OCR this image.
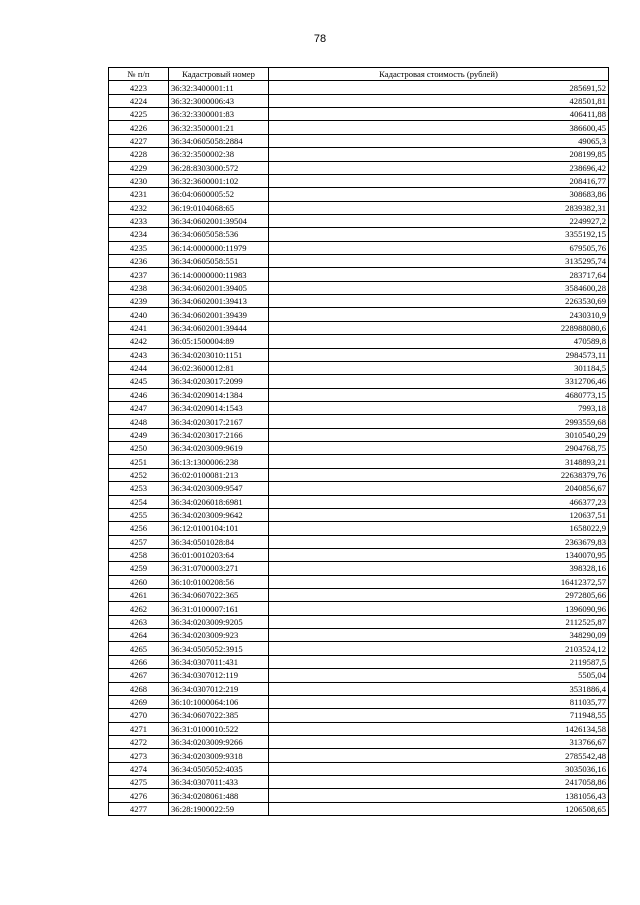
78
№ п/п	Кадастровый номер	Кадастровая стоимость (рублей)
4223	36:32:3400001:11	285691,52
4224	36:32:3000006:43	428501,81
4225	36:32:3300001:83	406411,88
4226	36:32:3500001:21	386600,45
4227	36:34:0605058:2884	49065,3
4228	36:32:3500002:38	208199,85
4229	36:28:8303000:572	238696,42
4230	36:32:3600001:102	208416,77
4231	36:04:0600005:52	308683,86
4232	36:19:0104068:65	2839382,31
4233	36:34:0602001:39504	2249927,2
4234	36:34:0605058:536	3355192,15
4235	36:14:0000000:11979	679505,76
4236	36:34:0605058:551	3135295,74
4237	36:14:0000000:11983	283717,64
4238	36:34:0602001:39405	3584600,28
4239	36:34:0602001:39413	2263530,69
4240	36:34:0602001:39439	2430310,9
4241	36:34:0602001:39444	228988080,6
4242	36:05:1500004:89	470589,8
4243	36:34:0203010:1151	2984573,11
4244	36:02:3600012:81	301184,5
4245	36:34:0203017:2099	3312706,46
4246	36:34:0209014:1384	4680773,15
4247	36:34:0209014:1543	7993,18
4248	36:34:0203017:2167	2993559,68
4249	36:34:0203017:2166	3010540,29
4250	36:34:0203009:9619	2904768,75
4251	36:13:1300006:238	3148893,21
4252	36:02:0100081:213	22638379,76
4253	36:34:0203009:9547	2040856,67
4254	36:34:0206018:6981	466377,23
4255	36:34:0203009:9642	120637,51
4256	36:12:0100104:101	1658022,9
4257	36:34:0501028:84	2363679,83
4258	36:01:0010203:64	1340070,95
4259	36:31:0700003:271	398328,16
4260	36:10:0100208:56	16412372,57
4261	36:34:0607022:365	2972805,66
4262	36:31:0100007:161	1396090,96
4263	36:34:0203009:9205	2112525,87
4264	36:34:0203009:923	348290,09
4265	36:34:0505052:3915	2103524,12
4266	36:34:0307011:431	2119587,5
4267	36:34:0307012:119	5505,04
4268	36:34:0307012:219	3531886,4
4269	36:10:1000064:106	811035,77
4270	36:34:0607022:385	711948,55
4271	36:31:0100010:522	1426134,58
4272	36:34:0203009:9266	313766,67
4273	36:34:0203009:9318	2785542,48
4274	36:34:0505052:4035	3035036,16
4275	36:34:0307011:433	2417058,86
4276	36:34:0208061:488	1381056,43
4277	36:28:1900022:59	1206508,65
